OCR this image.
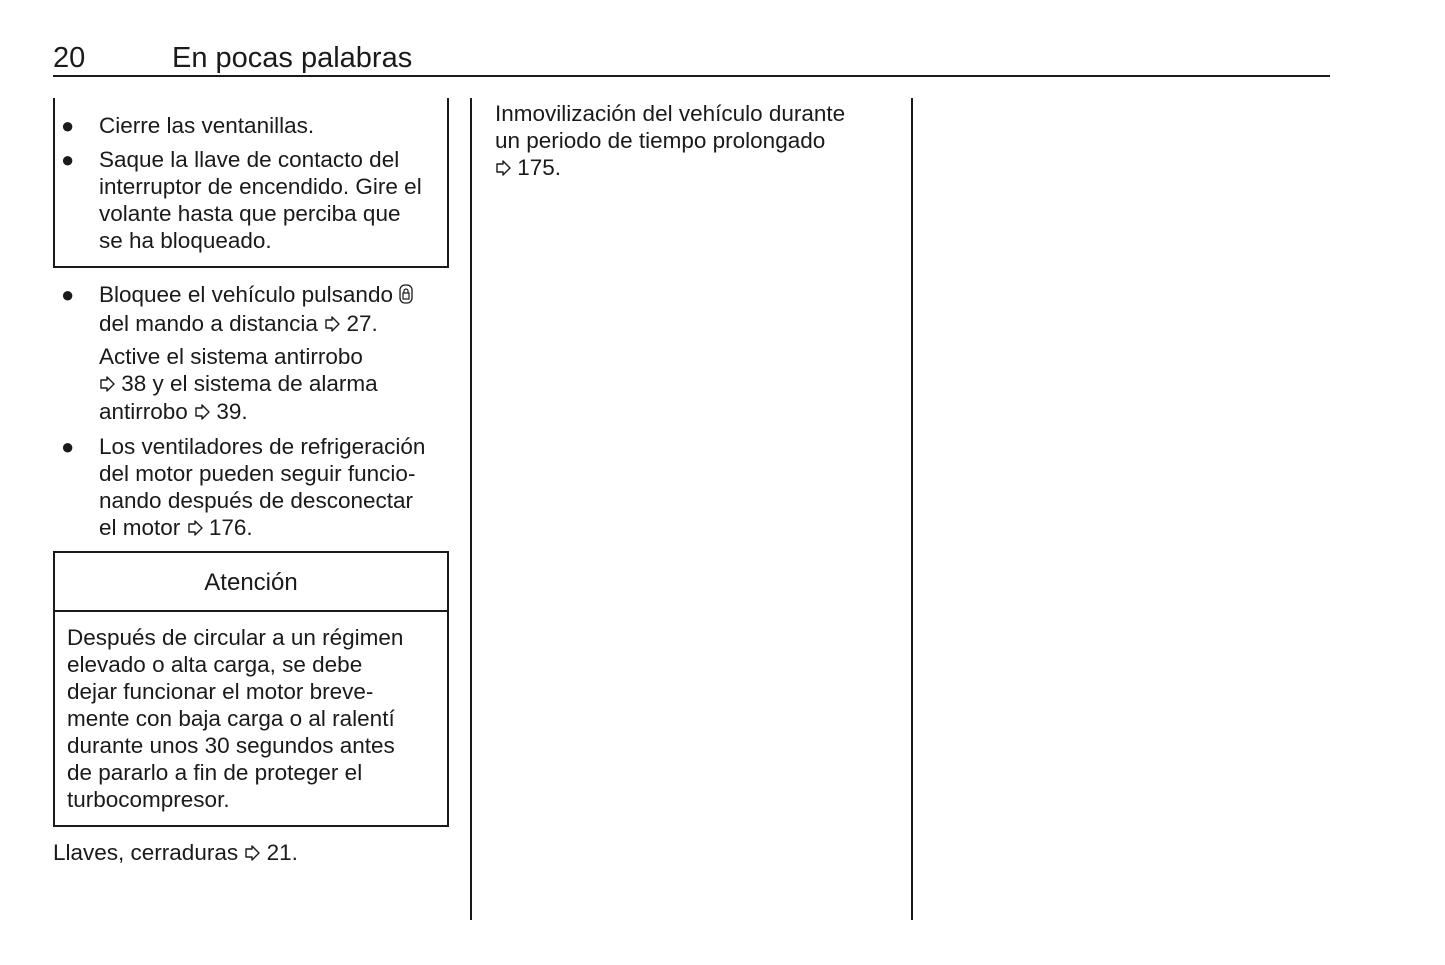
20	En pocas palabras
● Cierre las ventanillas.
● Saque la llave de contacto del interruptor de encendido. Gire el volante hasta que perciba que se ha bloqueado.
● Bloquee el vehículo pulsando
del mando a distancia 27.
Active el sistema antirrobo
38 y el sistema de alarma
antirrobo 39.
● Los ventiladores de refrigeración
del motor pueden seguir funcio-
nando después de desconectar
el motor 176.
Atención
Después de circular a un régimen
elevado o alta carga, se debe
dejar funcionar el motor breve-
mente con baja carga o al ralentí
durante unos 30 segundos antes
de pararlo a fin de proteger el
turbocompresor.
Llaves, cerraduras 21.
Inmovilización del vehículo durante
un periodo de tiempo prolongado
175.
